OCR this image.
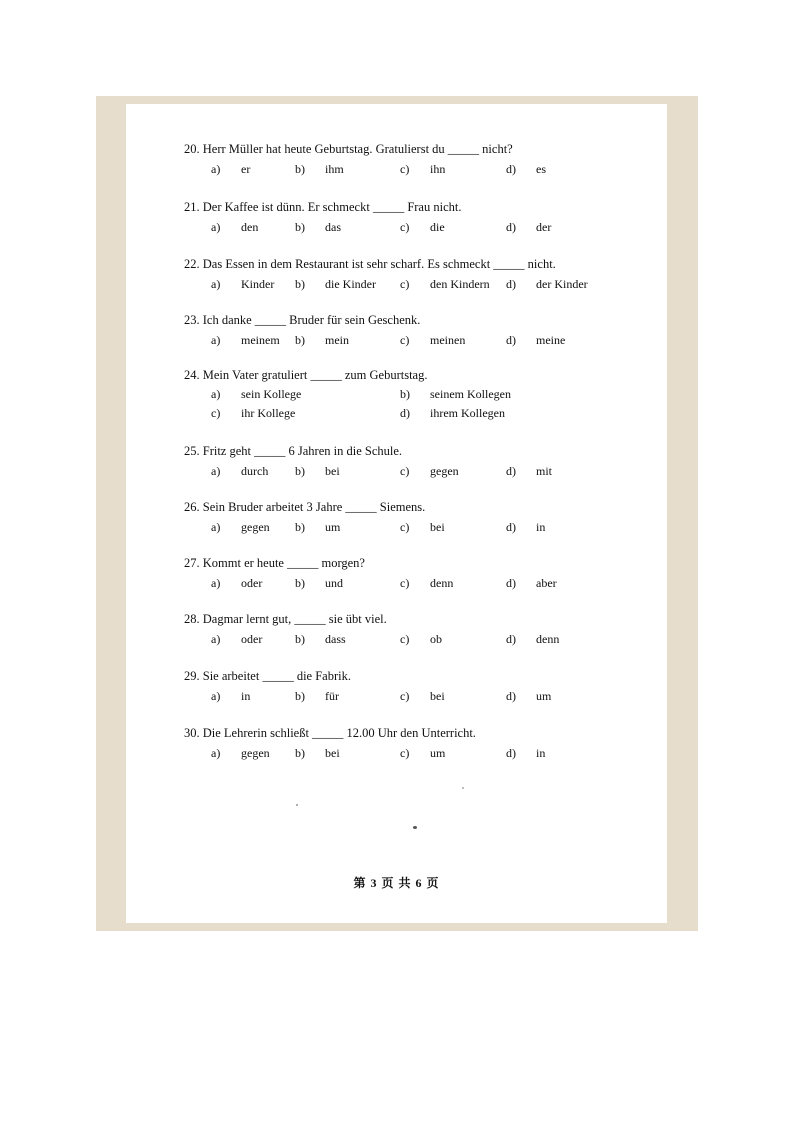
20. Herr Müller hat heute Geburtstag. Gratulierst du _____ nicht?
a) er	b) ihm	c) ihn	d) es
21. Der Kaffee ist dünn. Er schmeckt _____ Frau nicht.
a) den	b) das	c) die	d) der
22. Das Essen in dem Restaurant ist sehr scharf. Es schmeckt _____ nicht.
a) Kinder b) die Kinder c) den Kindern d) der Kinder
23. Ich danke _____ Bruder für sein Geschenk.
a) meinem b) mein	c) meinen	d) meine
24. Mein Vater gratuliert _____ zum Geburtstag.
a) sein Kollege	b) seinem Kollegen
c) ihr Kollege	d) ihrem Kollegen
25. Fritz geht _____ 6 Jahren in die Schule.
a) durch b) bei	c) gegen	d) mit
26. Sein Bruder arbeitet 3 Jahre _____ Siemens.
a) gegen b) um	c) bei	d) in
27. Kommt er heute _____ morgen?
a) oder	b) und	c) denn	d) aber
28. Dagmar lernt gut, _____ sie übt viel.
a) oder	b) dass	c) ob	d) denn
29. Sie arbeitet _____ die Fabrik.
a) in	b) für	c) bei	d) um
30. Die Lehrerin schließt _____ 12.00 Uhr den Unterricht.
a) gegen b) bei	c) um	d) in
第 3 页 共 6 页
